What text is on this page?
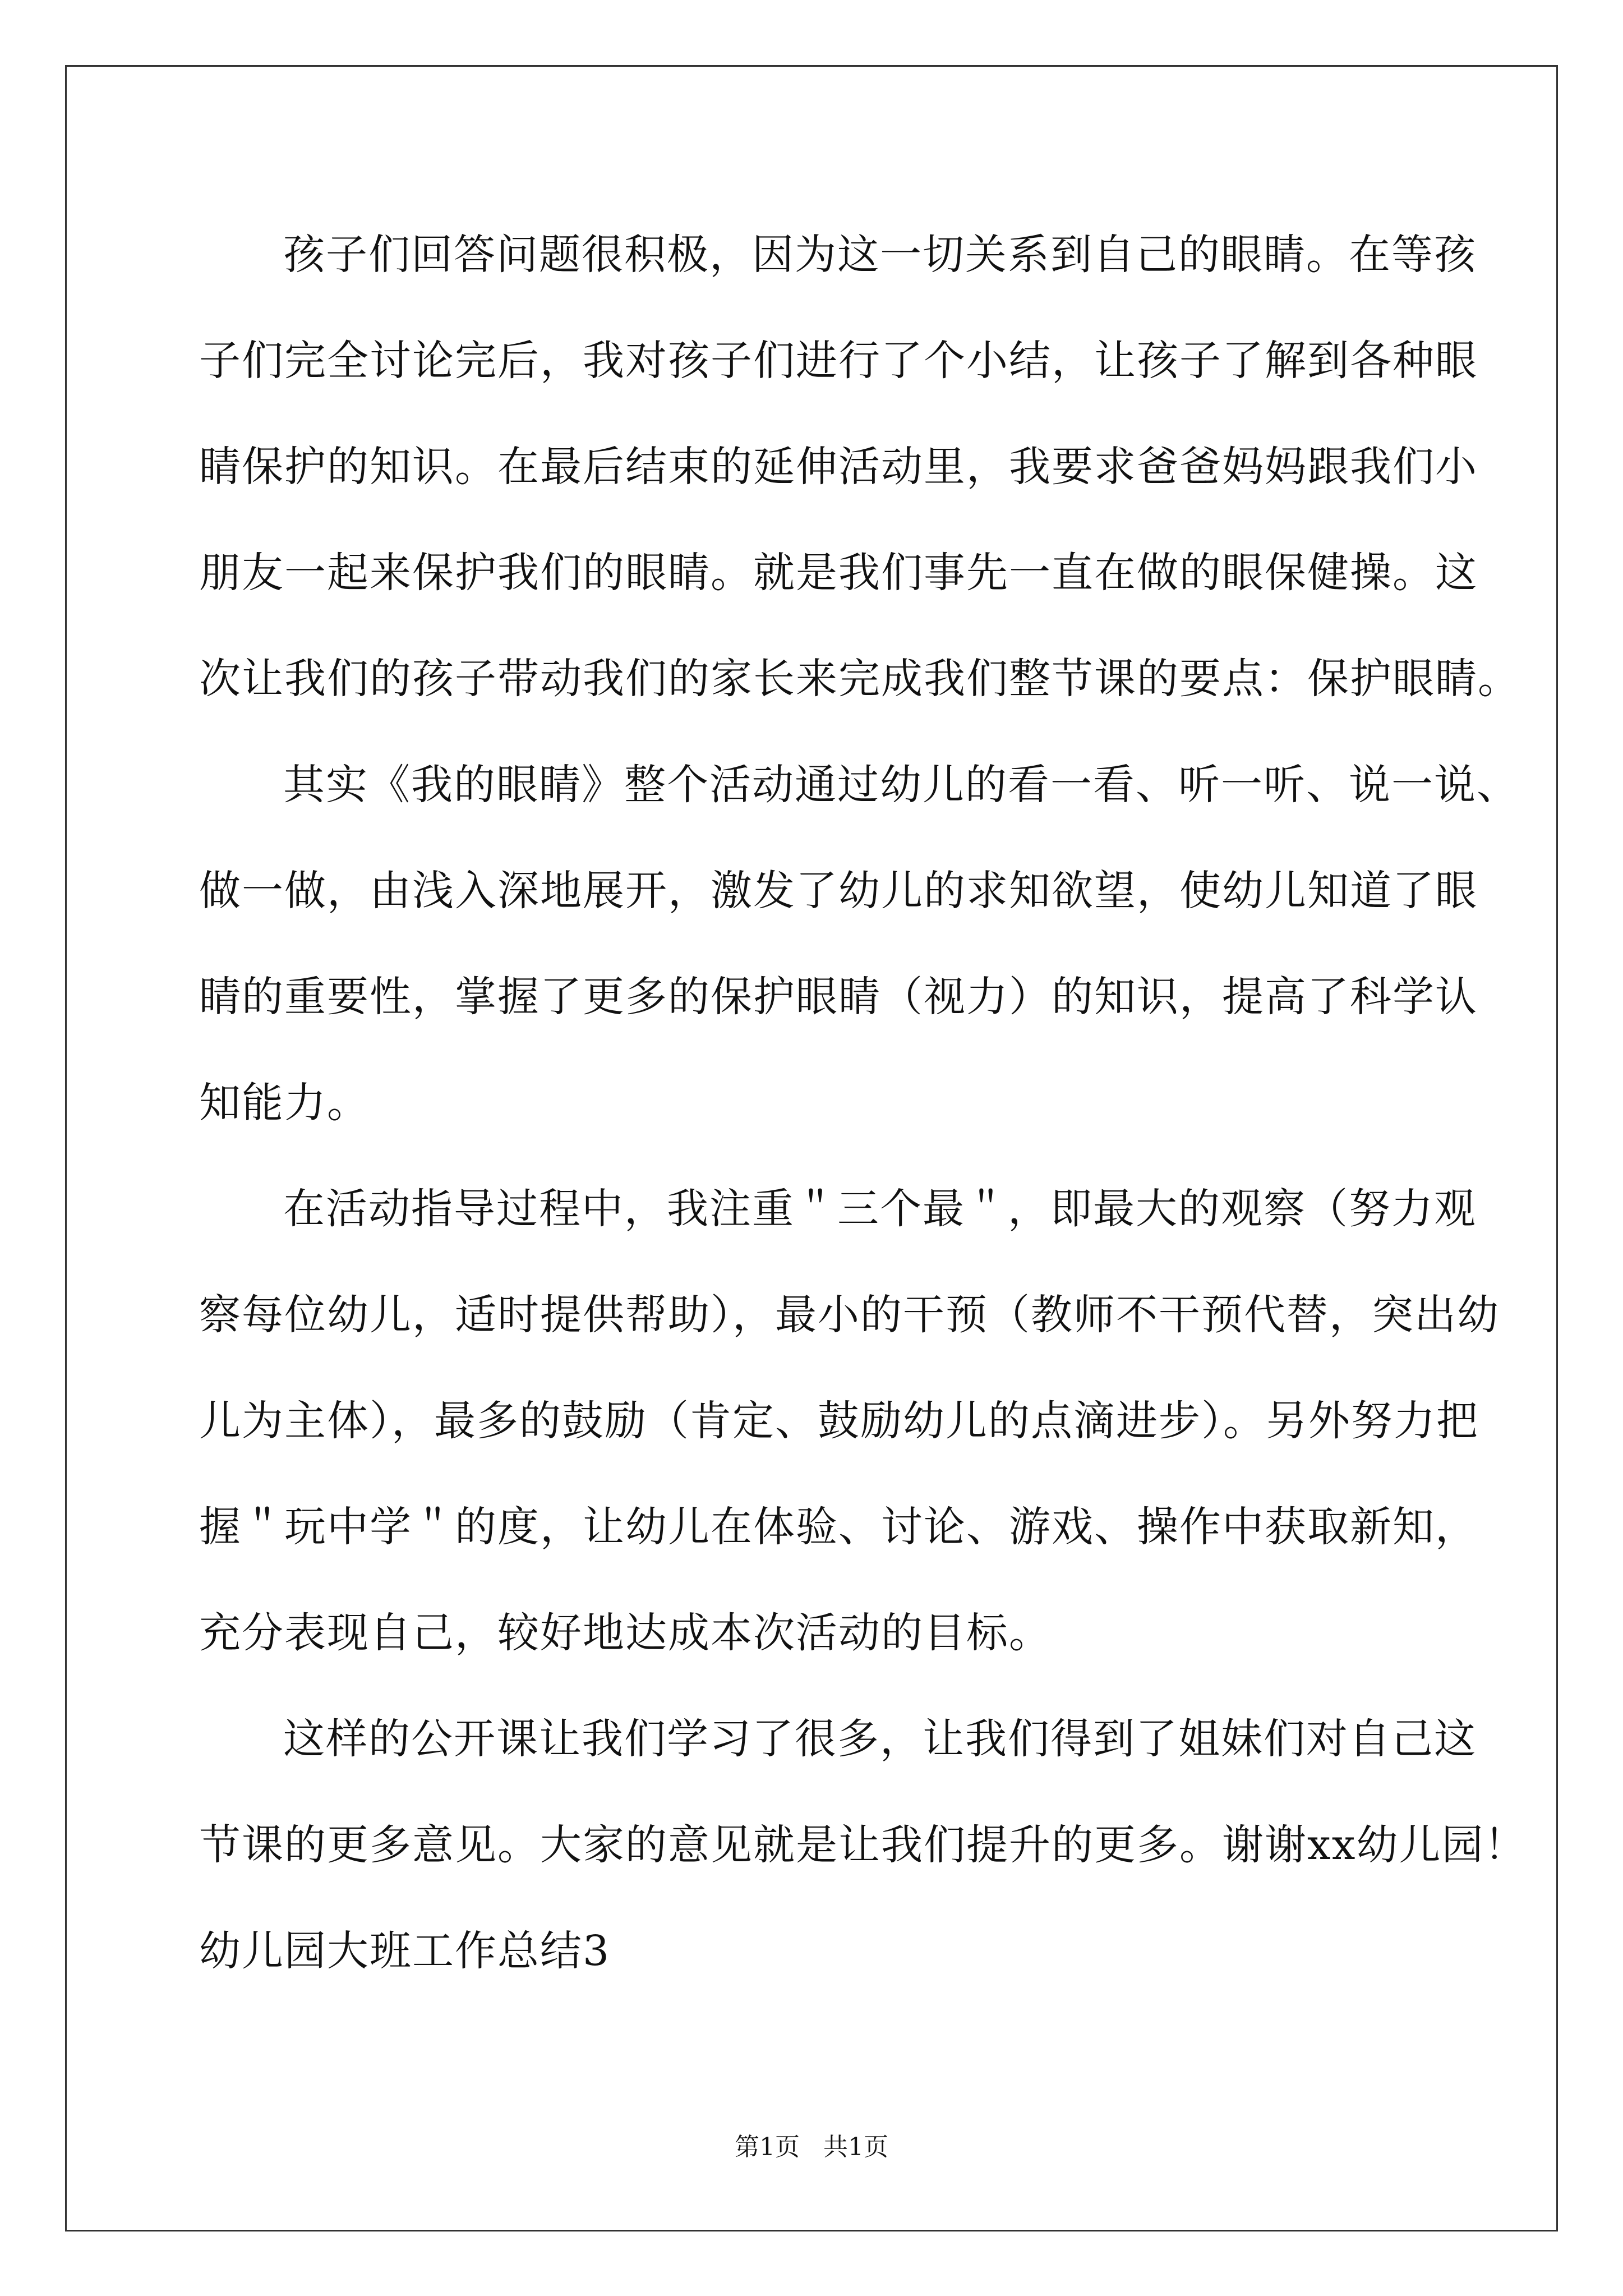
孩子们回答问题很积极，因为这一切关系到自己的眼睛。在等孩
子们完全讨论完后，我对孩子们进行了个小结，让孩子了解到各种眼
睛保护的知识。在最后结束的延伸活动里，我要求爸爸妈妈跟我们小
朋友一起来保护我们的眼睛。就是我们事先一直在做的眼保健操。这
次让我们的孩子带动我们的家长来完成我们整节课的要点：保护眼睛。
其实《我的眼睛》整个活动通过幼儿的看一看、听一听、说一说、
做一做，由浅入深地展开，激发了幼儿的求知欲望，使幼儿知道了眼
睛的重要性，掌握了更多的保护眼睛（视力）的知识，提高了科学认
知能力。
在活动指导过程中，我注重＂三个最＂，即最大的观察（努力观
察每位幼儿，适时提供帮助），最小的干预（教师不干预代替，突出幼
儿为主体），最多的鼓励（肯定、鼓励幼儿的点滴进步）。另外努力把
握＂玩中学＂的度，让幼儿在体验、讨论、游戏、操作中获取新知，
充分表现自己，较好地达成本次活动的目标。
这样的公开课让我们学习了很多，让我们得到了姐妹们对自己这
节课的更多意见。大家的意见就是让我们提升的更多。谢谢xx幼儿园！
幼儿园大班工作总结3
第1页   共1页
